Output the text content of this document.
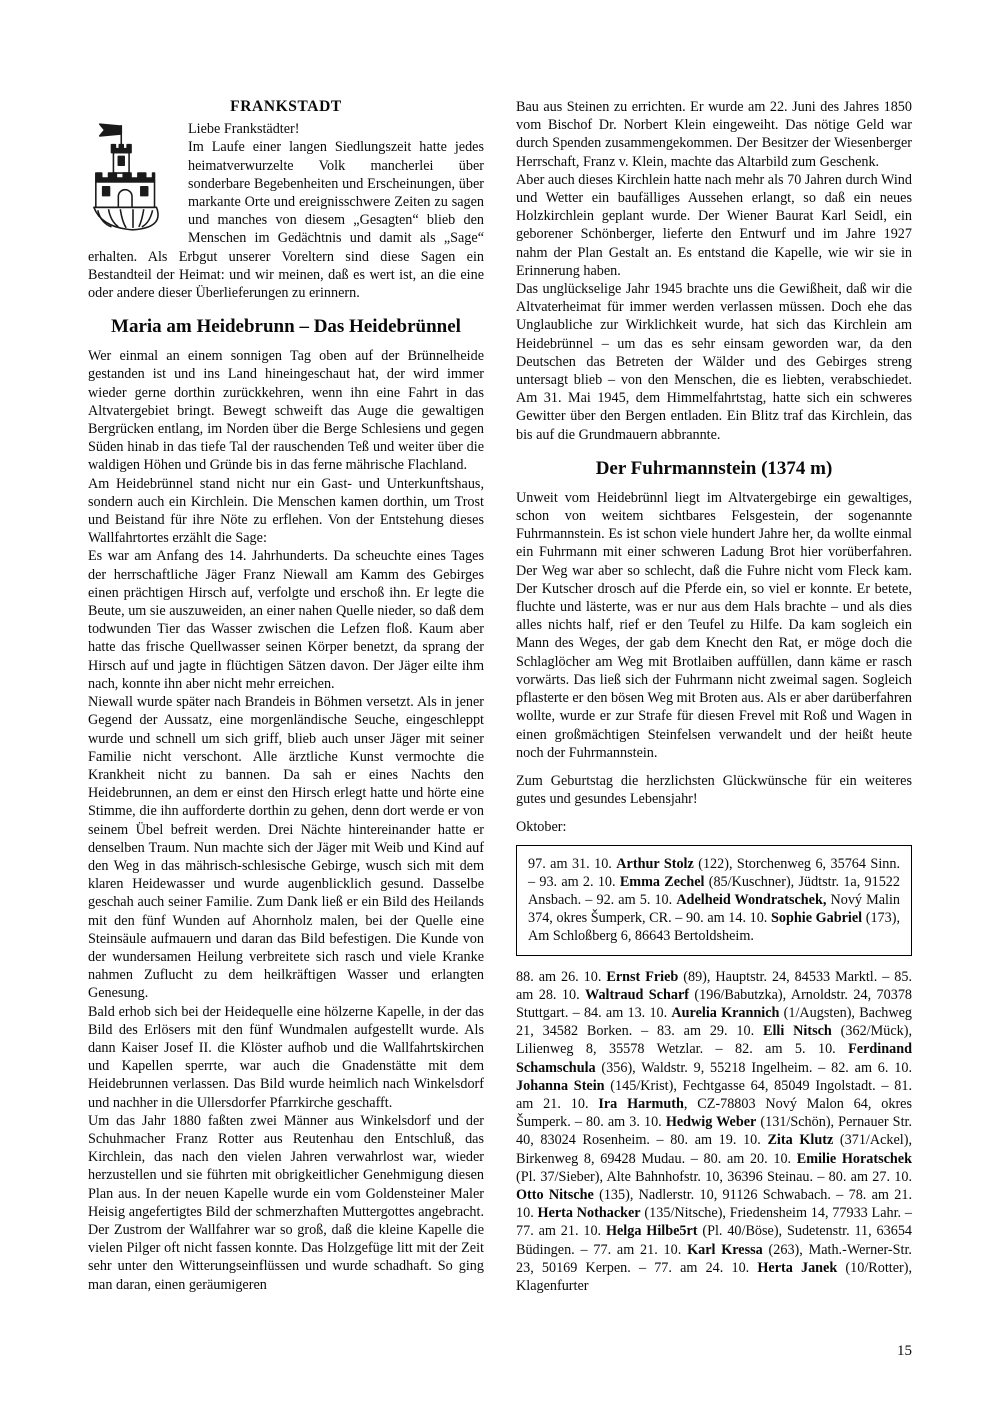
FRANKSTADT
Liebe Frankstädter!
Im Laufe einer langen Siedlungszeit hatte jedes heimatverwurzelte Volk mancherlei über sonderbare Begebenheiten und Erscheinungen, über markante Orte und ereignisschwere Zeiten zu sagen und manches von diesem „Gesagten“ blieb den Menschen im Gedächtnis und damit als „Sage“ erhalten. Als Erbgut unserer Voreltern sind diese Sagen ein Bestandteil der Heimat: und wir meinen, daß es wert ist, an die eine oder andere dieser Überlieferungen zu erinnern.
Maria am Heidebrunn – Das Heidebrünnel

Wer einmal an einem sonnigen Tag oben auf der Brünnelheide gestanden ist und ins Land hineingeschaut hat, der wird immer wieder gerne dorthin zurückkehren, wenn ihn eine Fahrt in das Altvatergebiet bringt. Bewegt schweift das Auge die gewaltigen Bergrücken entlang, im Norden über die Berge Schlesiens und gegen Süden hinab in das tiefe Tal der rauschenden Teß und weiter über die waldigen Höhen und Gründe bis in das ferne mährische Flachland.

Am Heidebrünnel stand nicht nur ein Gast- und Unterkunftshaus, sondern auch ein Kirchlein. Die Menschen kamen dorthin, um Trost und Beistand für ihre Nöte zu erflehen. Von der Entstehung dieses Wallfahrtortes erzählt die Sage:

Es war am Anfang des 14. Jahrhunderts. Da scheuchte eines Tages der herrschaftliche Jäger Franz Niewall am Kamm des Gebirges einen prächtigen Hirsch auf, verfolgte und erschoß ihn. Er legte die Beute, um sie auszuweiden, an einer nahen Quelle nieder, so daß dem todwunden Tier das Wasser zwischen die Lefzen floß. Kaum aber hatte das frische Quellwasser seinen Körper benetzt, da sprang der Hirsch auf und jagte in flüchtigen Sätzen davon. Der Jäger eilte ihm nach, konnte ihn aber nicht mehr erreichen.

Niewall wurde später nach Brandeis in Böhmen versetzt. Als in jener Gegend der Aussatz, eine morgenländische Seuche, eingeschleppt wurde und schnell um sich griff, blieb auch unser Jäger mit seiner Familie nicht verschont. Alle ärztliche Kunst vermochte die Krankheit nicht zu bannen. Da sah er eines Nachts den Heidebrunnen, an dem er einst den Hirsch erlegt hatte und hörte eine Stimme, die ihn aufforderte dorthin zu gehen, denn dort werde er von seinem Übel befreit werden. Drei Nächte hintereinander hatte er denselben Traum. Nun machte sich der Jäger mit Weib und Kind auf den Weg in das mährisch-schlesische Gebirge, wusch sich mit dem klaren Heidewasser und wurde augenblicklich gesund. Dasselbe geschah auch seiner Familie. Zum Dank ließ er ein Bild des Heilands mit den fünf Wunden auf Ahornholz malen, bei der Quelle eine Steinsäule aufmauern und daran das Bild befestigen. Die Kunde von der wundersamen Heilung verbreitete sich rasch und viele Kranke nahmen Zuflucht zu dem heilkräftigen Wasser und erlangten Genesung.

Bald erhob sich bei der Heidequelle eine hölzerne Kapelle, in der das Bild des Erlösers mit den fünf Wundmalen aufgestellt wurde. Als dann Kaiser Josef II. die Klöster aufhob und die Wallfahrtskirchen und Kapellen sperrte, war auch die Gnadenstätte mit dem Heidebrunnen verlassen. Das Bild wurde heimlich nach Winkelsdorf und nachher in die Ullersdorfer Pfarrkirche geschafft.

Um das Jahr 1880 faßten zwei Männer aus Winkelsdorf und der Schuhmacher Franz Rotter aus Reutenhau den Entschluß, das Kirchlein, das nach den vielen Jahren verwahrlost war, wieder herzustellen und sie führten mit obrigkeitlicher Genehmigung diesen Plan aus. In der neuen Kapelle wurde ein vom Goldensteiner Maler Heisig angefertigtes Bild der schmerzhaften Muttergottes angebracht. Der Zustrom der Wallfahrer war so groß, daß die kleine Kapelle die vielen Pilger oft nicht fassen konnte. Das Holzgefüge litt mit der Zeit sehr unter den Witterungseinflüssen und wurde schadhaft. So ging man daran, einen geräumigeren

Bau aus Steinen zu errichten. Er wurde am 22. Juni des Jahres 1850 vom Bischof Dr. Norbert Klein eingeweiht. Das nötige Geld war durch Spenden zusammengekommen. Der Besitzer der Wiesenberger Herrschaft, Franz v. Klein, machte das Altarbild zum Geschenk.

Aber auch dieses Kirchlein hatte nach mehr als 70 Jahren durch Wind und Wetter ein baufälliges Aussehen erlangt, so daß ein neues Holzkirchlein geplant wurde. Der Wiener Baurat Karl Seidl, ein geborener Schönberger, lieferte den Entwurf und im Jahre 1927 nahm der Plan Gestalt an. Es entstand die Kapelle, wie wir sie in Erinnerung haben.

Das unglückselige Jahr 1945 brachte uns die Gewißheit, daß wir die Altvaterheimat für immer werden verlassen müssen. Doch ehe das Unglaubliche zur Wirklichkeit wurde, hat sich das Kirchlein am Heidebrünnel – um das es sehr einsam geworden war, da den Deutschen das Betreten der Wälder und des Gebirges streng untersagt blieb – von den Menschen, die es liebten, verabschiedet. Am 31. Mai 1945, dem Himmelfahrtstag, hatte sich ein schweres Gewitter über den Bergen entladen. Ein Blitz traf das Kirchlein, das bis auf die Grundmauern abbrannte.

Der Fuhrmannstein (1374 m)

Unweit vom Heidebrünnl liegt im Altvatergebirge ein gewaltiges, schon von weitem sichtbares Felsgestein, der sogenannte Fuhrmannstein. Es ist schon viele hundert Jahre her, da wollte einmal ein Fuhrmann mit einer schweren Ladung Brot hier vorüberfahren. Der Weg war aber so schlecht, daß die Fuhre nicht vom Fleck kam. Der Kutscher drosch auf die Pferde ein, so viel er konnte. Er betete, fluchte und lästerte, was er nur aus dem Hals brachte – und als dies alles nichts half, rief er den Teufel zu Hilfe. Da kam sogleich ein Mann des Weges, der gab dem Knecht den Rat, er möge doch die Schlaglöcher am Weg mit Brotlaiben auffüllen, dann käme er rasch vorwärts. Das ließ sich der Fuhrmann nicht zweimal sagen. Sogleich pflasterte er den bösen Weg mit Broten aus. Als er aber darüberfahren wollte, wurde er zur Strafe für diesen Frevel mit Roß und Wagen in einen großmächtigen Steinfelsen verwandelt und der heißt heute noch der Fuhrmannstein.

Zum Geburtstag die herzlichsten Glückwünsche für ein weiteres gutes und gesundes Lebensjahr!

Oktober:

97. am 31. 10. Arthur Stolz (122), Storchenweg 6, 35764 Sinn. – 93. am 2. 10. Emma Zechel (85/Kuschner), Jüdtstr. 1a, 91522 Ansbach. – 92. am 5. 10. Adelheid Wondratschek, Nový Malin 374, okres Šumperk, CR. – 90. am 14. 10. Sophie Gabriel (173), Am Schloßberg 6, 86643 Bertoldsheim.

88. am 26. 10. Ernst Frieb (89), Hauptstr. 24, 84533 Marktl. – 85. am 28. 10. Waltraud Scharf (196/Babutzka), Arnoldstr. 24, 70378 Stuttgart. – 84. am 13. 10. Aurelia Krannich (1/Augsten), Bachweg 21, 34582 Borken. – 83. am 29. 10. Elli Nitsch (362/Mück), Lilienweg 8, 35578 Wetzlar. – 82. am 5. 10. Ferdinand Schamschula (356), Waldstr. 9, 55218 Ingelheim. – 82. am 6. 10. Johanna Stein (145/Krist), Fechtgasse 64, 85049 Ingolstadt. – 81. am 21. 10. Ira Harmuth, CZ-78803 Nový Malon 64, okres Šumperk. – 80. am 3. 10. Hedwig Weber (131/Schön), Pernauer Str. 40, 83024 Rosenheim. – 80. am 19. 10. Zita Klutz (371/Ackel), Birkenweg 8, 69428 Mudau. – 80. am 20. 10. Emilie Horatschek (Pl. 37/Sieber), Alte Bahnhofstr. 10, 36396 Steinau. – 80. am 27. 10. Otto Nitsche (135), Nadlerstr. 10, 91126 Schwabach. – 78. am 21. 10. Herta Nothacker (135/Nitsche), Friedensheim 14, 77933 Lahr. – 77. am 21. 10. Helga Hilbe5rt (Pl. 40/Böse), Sudetenstr. 11, 63654 Büdingen. – 77. am 21. 10. Karl Kressa (263), Math.-Werner-Str. 23, 50169 Kerpen. – 77. am 24. 10. Herta Janek (10/Rotter), Klagenfurter

15
